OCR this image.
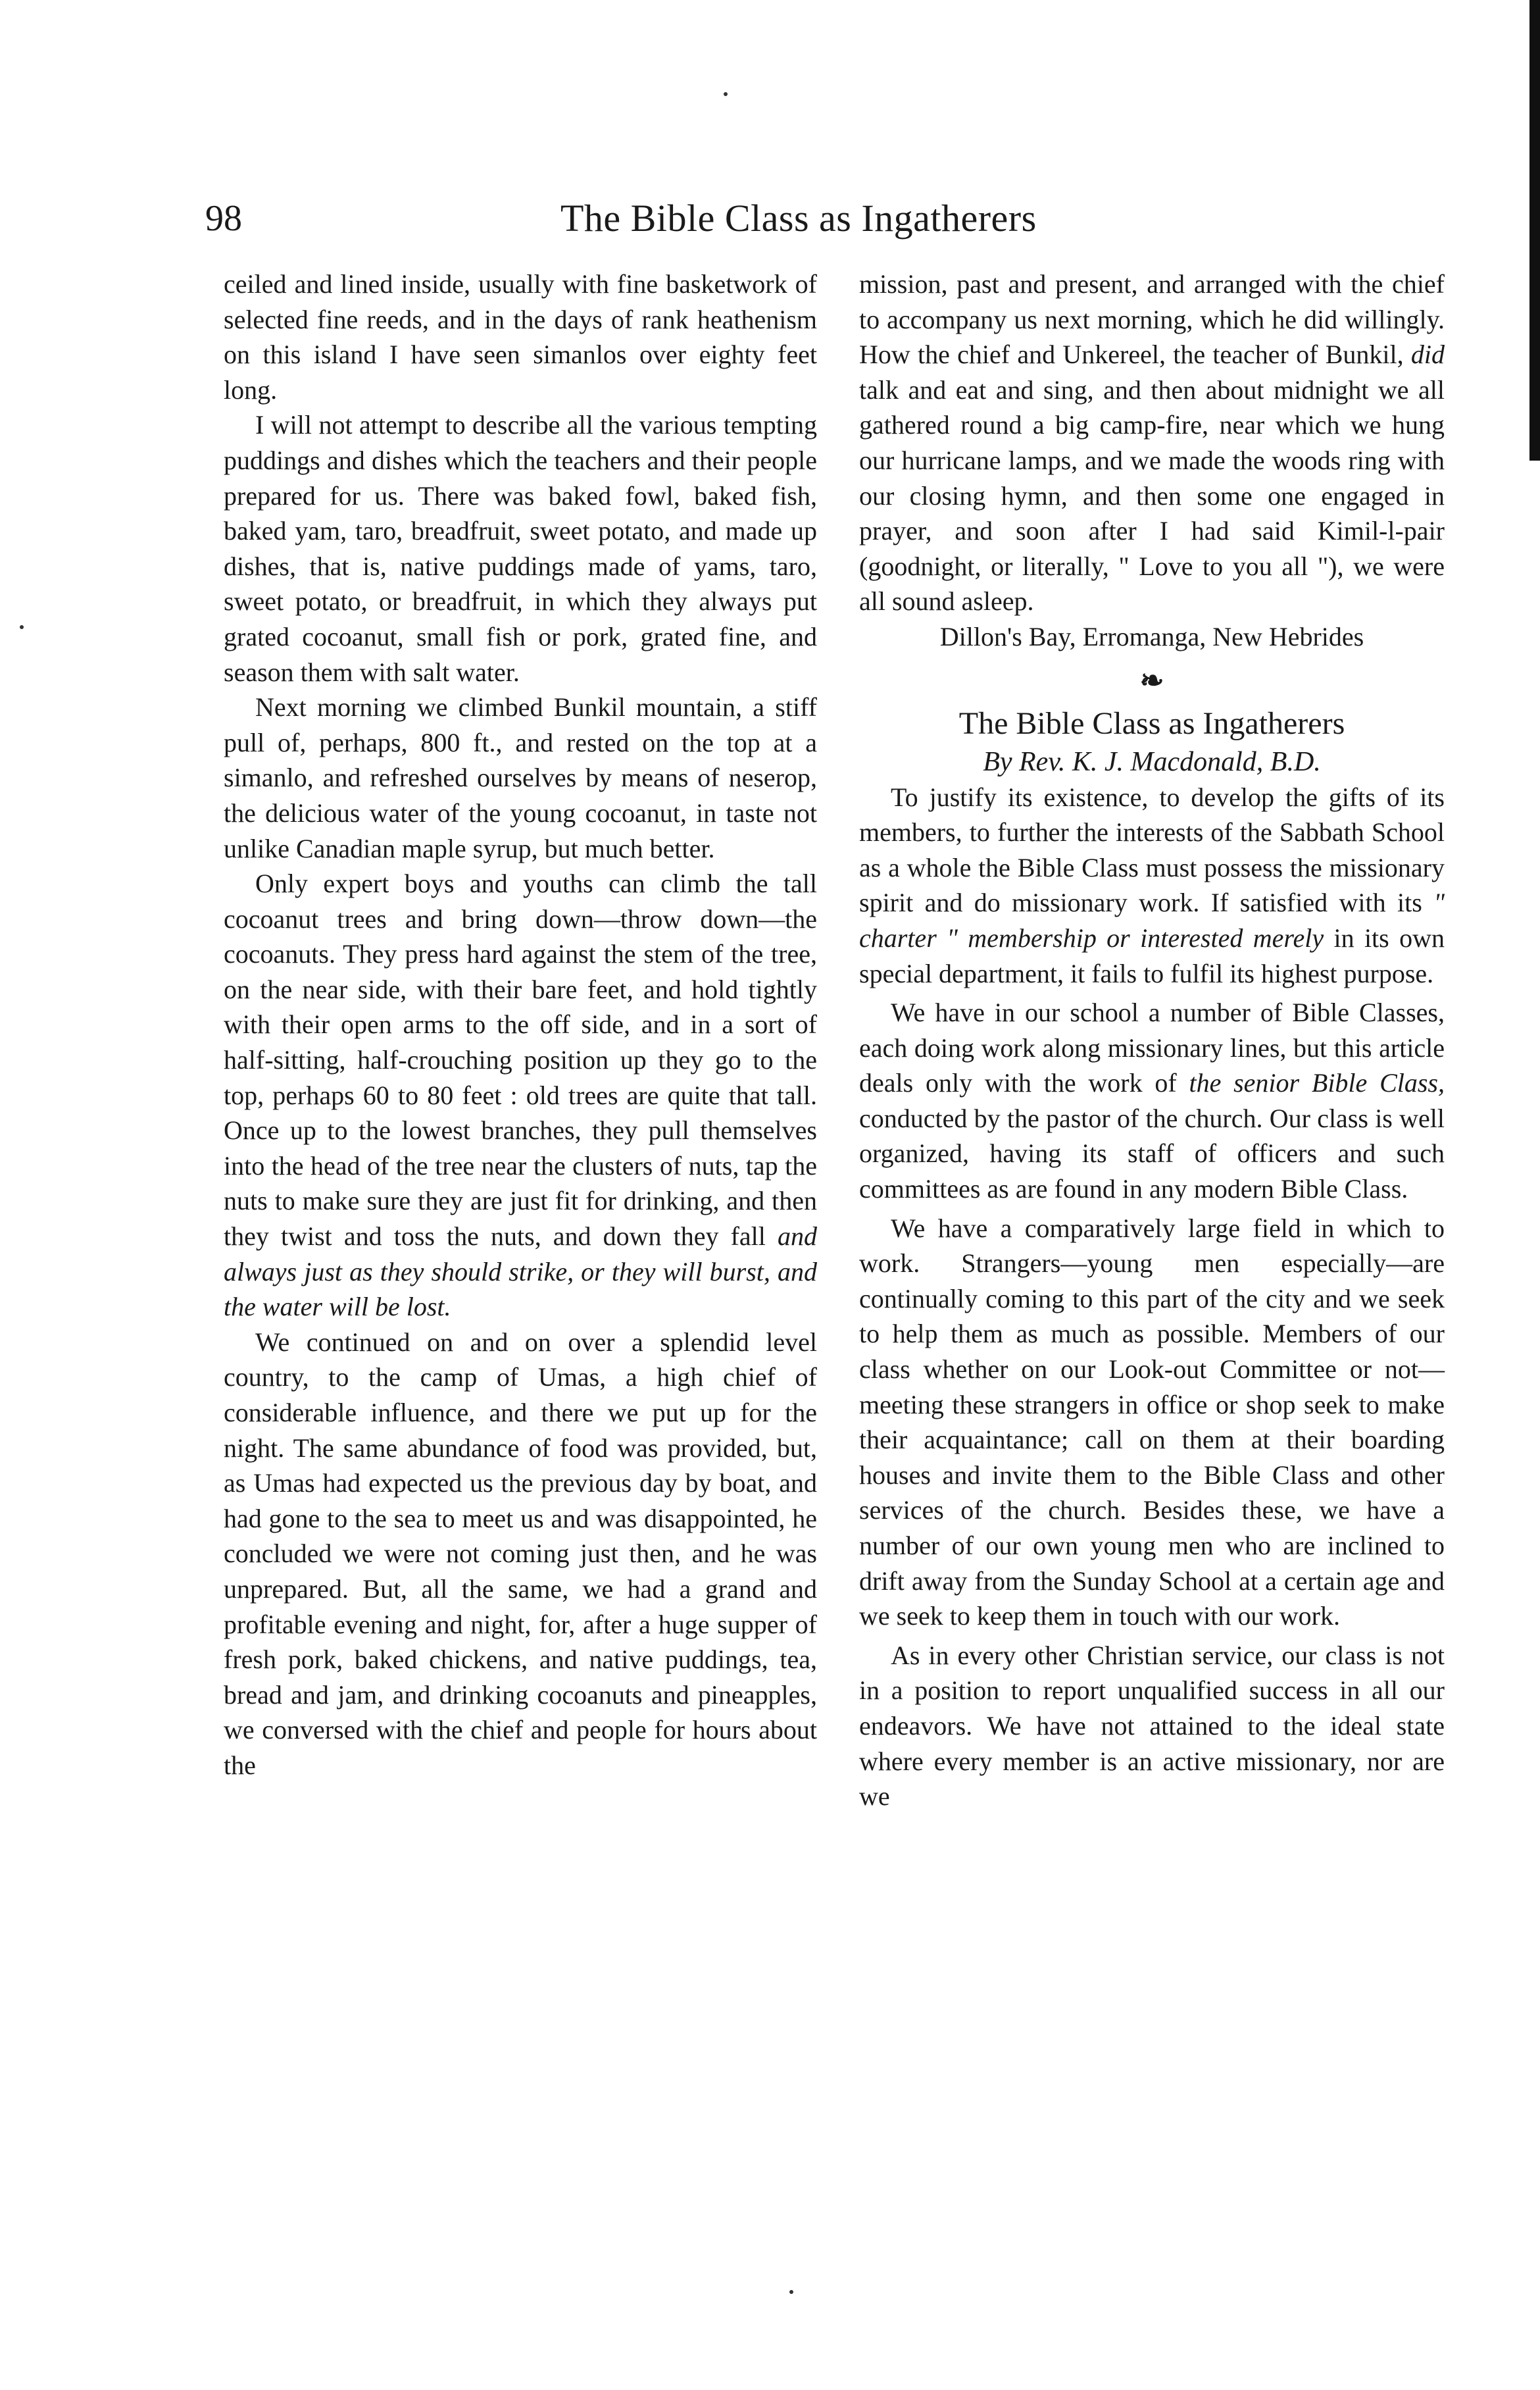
98	The Bible Class as Ingatherers

ceiled and lined inside, usually with fine basketwork of selected fine reeds, and in the days of rank heathenism on this island I have seen simanlos over eighty feet long.

I will not attempt to describe all the various tempting puddings and dishes which the teachers and their people prepared for us. There was baked fowl, baked fish, baked yam, taro, breadfruit, sweet potato, and made up dishes, that is, native puddings made of yams, taro, sweet potato, or breadfruit, in which they always put grated cocoanut, small fish or pork, grated fine, and season them with salt water.

Next morning we climbed Bunkil mountain, a stiff pull of, perhaps, 800 ft., and rested on the top at a simanlo, and refreshed ourselves by means of neserop, the delicious water of the young cocoanut, in taste not unlike Canadian maple syrup, but much better.

Only expert boys and youths can climb the tall cocoanut trees and bring down—throw down—the cocoanuts. They press hard against the stem of the tree, on the near side, with their bare feet, and hold tightly with their open arms to the off side, and in a sort of half-sitting, half-crouching position up they go to the top, perhaps 60 to 80 feet : old trees are quite that tall. Once up to the lowest branches, they pull themselves into the head of the tree near the clusters of nuts, tap the nuts to make sure they are just fit for drinking, and then they twist and toss the nuts, and down they fall and always just as they should strike, or they will burst, and the water will be lost.

We continued on and on over a splendid level country, to the camp of Umas, a high chief of considerable influence, and there we put up for the night. The same abundance of food was provided, but, as Umas had expected us the previous day by boat, and had gone to the sea to meet us and was disappointed, he concluded we were not coming just then, and he was unprepared. But, all the same, we had a grand and profitable evening and night, for, after a huge supper of fresh pork, baked chickens, and native puddings, tea, bread and jam, and drinking cocoanuts and pineapples, we conversed with the chief and people for hours about the

mission, past and present, and arranged with the chief to accompany us next morning, which he did willingly. How the chief and Unkereel, the teacher of Bunkil, did talk and eat and sing, and then about midnight we all gathered round a big camp-fire, near which we hung our hurricane lamps, and we made the woods ring with our closing hymn, and then some one engaged in prayer, and soon after I had said Kimil-l-pair (goodnight, or literally, " Love to you all "), we were all sound asleep.

Dillon's Bay, Erromanga, New Hebrides

❧
The Bible Class as Ingatherers
By Rev. K. J. Macdonald, B.D.

To justify its existence, to develop the gifts of its members, to further the interests of the Sabbath School as a whole the Bible Class must possess the missionary spirit and do missionary work. If satisfied with its " charter " membership or interested merely in its own special department, it fails to fulfil its highest purpose.

We have in our school a number of Bible Classes, each doing work along missionary lines, but this article deals only with the work of the senior Bible Class, conducted by the pastor of the church. Our class is well organized, having its staff of officers and such committees as are found in any modern Bible Class.

We have a comparatively large field in which to work. Strangers—young men especially—are continually coming to this part of the city and we seek to help them as much as possible. Members of our class whether on our Look-out Committee or not—meeting these strangers in office or shop seek to make their acquaintance; call on them at their boarding houses and invite them to the Bible Class and other services of the church. Besides these, we have a number of our own young men who are inclined to drift away from the Sunday School at a certain age and we seek to keep them in touch with our work.

As in every other Christian service, our class is not in a position to report unqualified success in all our endeavors. We have not attained to the ideal state where every member is an active missionary, nor are we
